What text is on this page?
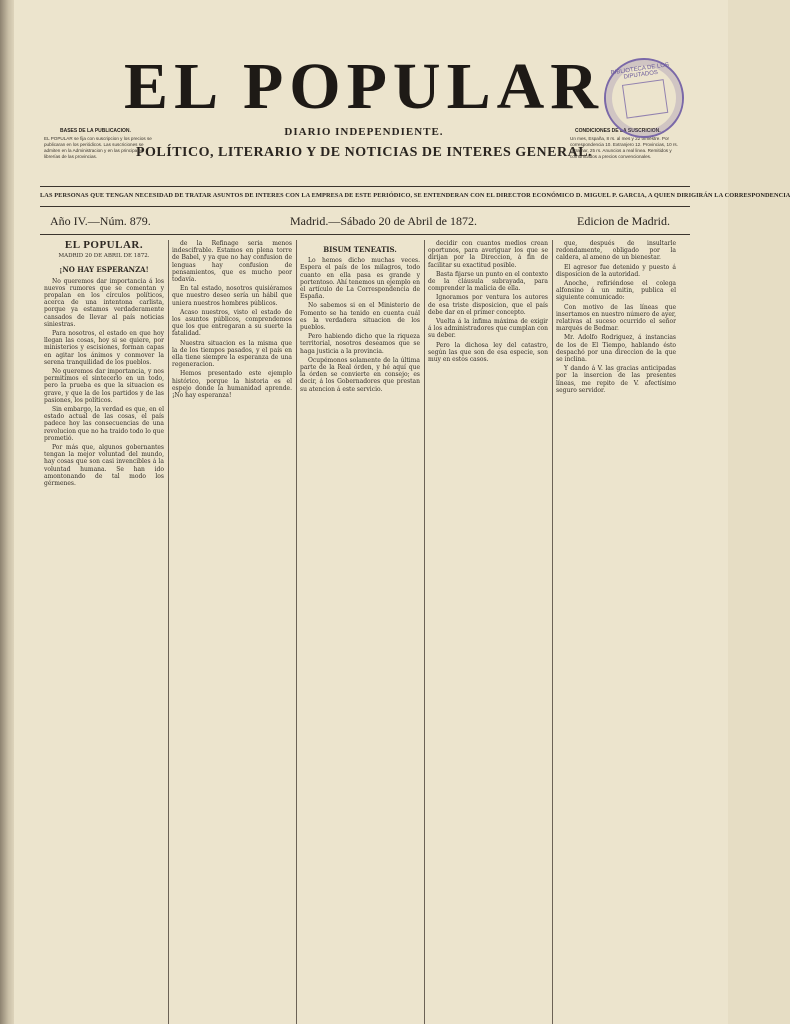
BASES DE LA PUBLICACION.
EL POPULAR se fija con suscripcion y los precios se publicaran en los periódicos. Las suscriciones se admiten en la Administracion y en las principales librerías de las provincias.
EL POPULAR
DIARIO INDEPENDIENTE.
POLÍTICO, LITERARIO Y DE NOTICIAS DE INTERES GENERAL.
CONDICIONES DE LA SUSCRICION.
Un mes, España, 8 rs. al mes y 22 trimestre. Por correspondencia 10. Extranjero 12. Provincias, 10 rs. Ultramar, 25 rs. Anuncios a real linea. Remitidos y comunicados a precios convencionales.
BIBLIOTECA DE LOS DIPUTADOS
LAS PERSONAS QUE TENGAN NECESIDAD DE TRATAR ASUNTOS DE INTERES CON LA EMPRESA DE ESTE PERIÓDICO, SE ENTENDERAN CON EL DIRECTOR ECONÓMICO D. MIGUEL P. GARCIA, A QUIEN DIRIGIRÁN LA CORRESPONDENCIA
Año IV.—Núm. 879.	Madrid.—Sábado 20 de Abril de 1872.	Edicion de Madrid.
EL POPULAR.
MADRID 20 DE ABRIL DE 1872.
¡NO HAY ESPERANZA!

No queremos dar importancia á los nuevos rumores que se comentan y propalan en los círculos políticos, acerca de una intentona carlista, porque ya estamos verdaderamente cansados de llevar al país noticias siniestras.

Para nosotros, el estado en que hoy llegan las cosas, hoy si se quiere, por ministerios y escisiones, forman capas en agitar los ánimos y conmover la serena tranquilidad de los pueblos.

No queremos dar importancia, y nos permitimos el sintecerlo en un todo, pero la prueba es que la situacion es grave, y que la de los partidos y de las pasiones, los políticos.

Sin embargo, la verdad es que, en el estado actual de las cosas, el país padece hoy las consecuencias de una revolucion que no ha traido todo lo que prometió.

Por más que, algunos gobernantes tengan la mejor voluntad del mundo, hay cosas que son casi invencibles á la voluntad humana. Se han ido amontonando de tal modo los gérmenes.

de la Refinage seria menos indescifrable. Estamos en plena torre de Babel, y ya que no hay confusion de lenguas hay confusion de pensamientos, que es mucho peor todavía.

En tal estado, nosotros quisiéramos que nuestro deseo sería un hábil que uniera nuestros hombres públicos.

Acaso nuestros, visto el estado de los asuntos públicos, comprendemos que los que entregaran a su suerte la fatalidad.

Nuestra situacion es la misma que la de los tiempos pasados, y el país en ella tiene siempre la esperanza de una regeneracion.

Hemos presentado este ejemplo histórico, porque la historia es el espejo donde la humanidad aprende. ¡No hay esperanza!

BISUM TENEATIS.

Lo hemos dicho muchas veces. Espera el país de los milagros, todo cuanto en ella pasa es grande y portentoso. Ahí tenemos un ejemplo en el artículo de La Correspondencia de España.

No sabemos si en el Ministerio de Fomento se ha tenido en cuenta cuál es la verdadera situacion de los pueblos.

Pero habiendo dicho que la riqueza territorial, nosotros deseamos que se haga justicia a la provincia.

Ocupémonos solamente de la última parte de la Real órden, y hé aquí que la órden se convierte en consejo; es decir, á los Gobernadores que prestan su atencion á este servicio.

decidir con cuantos medios crean oportunos, para averiguar los que se dirijan por la Direccion, á fin de facilitar su exactitud posible.

Basta fijarse un punto en el contexto de la cláusula subrayada, para comprender la malicia de ella.

Ignoramos por ventura los autores de esa triste disposicion, que el país debe dar en el primer concepto.

Vuelta á la ínfima máxima de exigir á los administradores que cumplan con su deber.

Pero la dichosa ley del catastro, según las que son de esa especie, son muy en estos casos.

que, después de insultarle redondamente, obligado por la caldera, al ameno de un bienestar.

El agresor fue detenido y puesto á disposicion de la autoridad.

Anoche, refiriéndose el colega alfonsino á un mitin, publica el siguiente comunicado:

Con motivo de las líneas que insertamos en nuestro número de ayer, relativas al suceso ocurrido el señor marqués de Bedmar.

Mr. Adolfo Rodriguez, á instancias de los de El Tiempo, hablando ésto despachó por una direccion de la que se inclina.

Y dando á V. las gracias anticipadas por la insercion de las presentes líneas, me repito de V. afectísimo seguro servidor.
